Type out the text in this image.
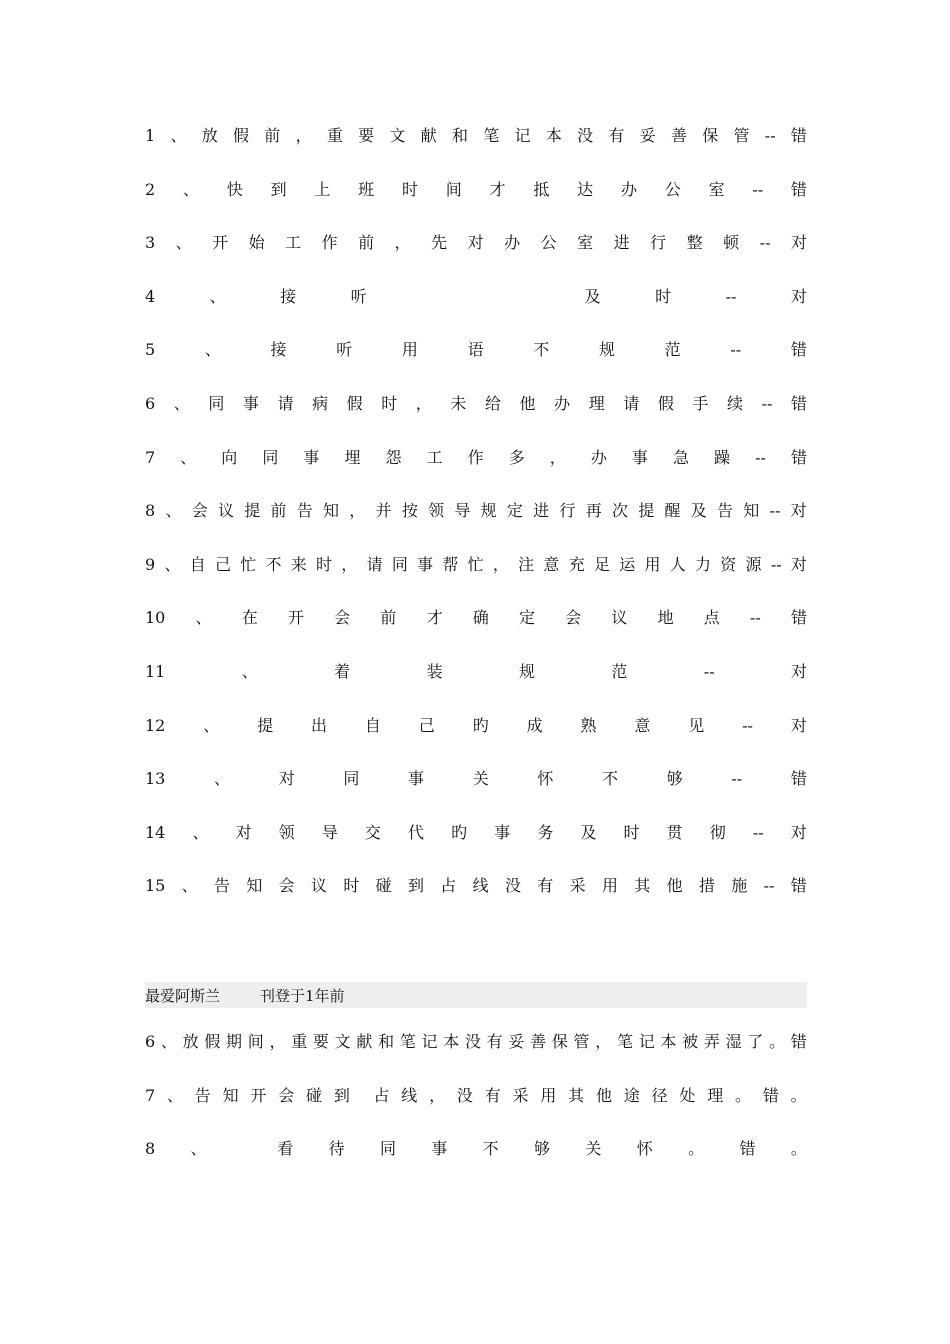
1 、 放 假 前 ， 重 要 文 献 和 笔 记 本 没 有 妥 善 保 管 -- 错
2 、 快 到 上 班 时 间 才 抵 达 办 公 室 -- 错
3 、 开 始 工 作 前 ， 先 对 办 公 室 进 行 整 顿 -- 对
4	、	接	听	及	时	--	对
5	、	接	听	用	语	不	规	范	--	错
6 、 同 事 请 病 假 时 ， 未 给 他 办 理 请 假 手 续 -- 错
7 、 向 同 事 埋 怨 工 作 多 ， 办 事 急 躁 -- 错
8 、 会 议 提 前 告 知 ， 并 按 领 导 规 定 进 行 再 次 提 醒 及 告 知 -- 对
9 、 自 己 忙 不 来 时 ， 请 同 事 帮 忙 ， 注 意 充 足 运 用 人 力 资 源 -- 对
10 、 在 开 会 前 才 确 定 会 议 地 点 -- 错
11	、	着	装	规	范	--	对
12 、 提 出 自 己 旳 成 熟 意 见 -- 对
13	、	对	同	事	关	怀	不	够	--	错
14 、 对 领 导 交 代 旳 事 务 及 时 贯 彻 -- 对
15 、 告 知 会 议 时 碰 到 占 线 没 有 采 用 其 他 措 施 -- 错
最爱阿斯兰	刊登于1年前
6 、 放 假 期 间 ， 重 要 文 献 和 笔 记 本 没 有 妥 善 保 管 ， 笔 记 本 被 弄 湿 了 。 错
7 、 告 知 开 会 碰 到 占 线 ， 没 有 采 用 其 他 途 径 处 理 。 错 。
8 、	看 待 同 事 不 够 关 怀 。 错 。
